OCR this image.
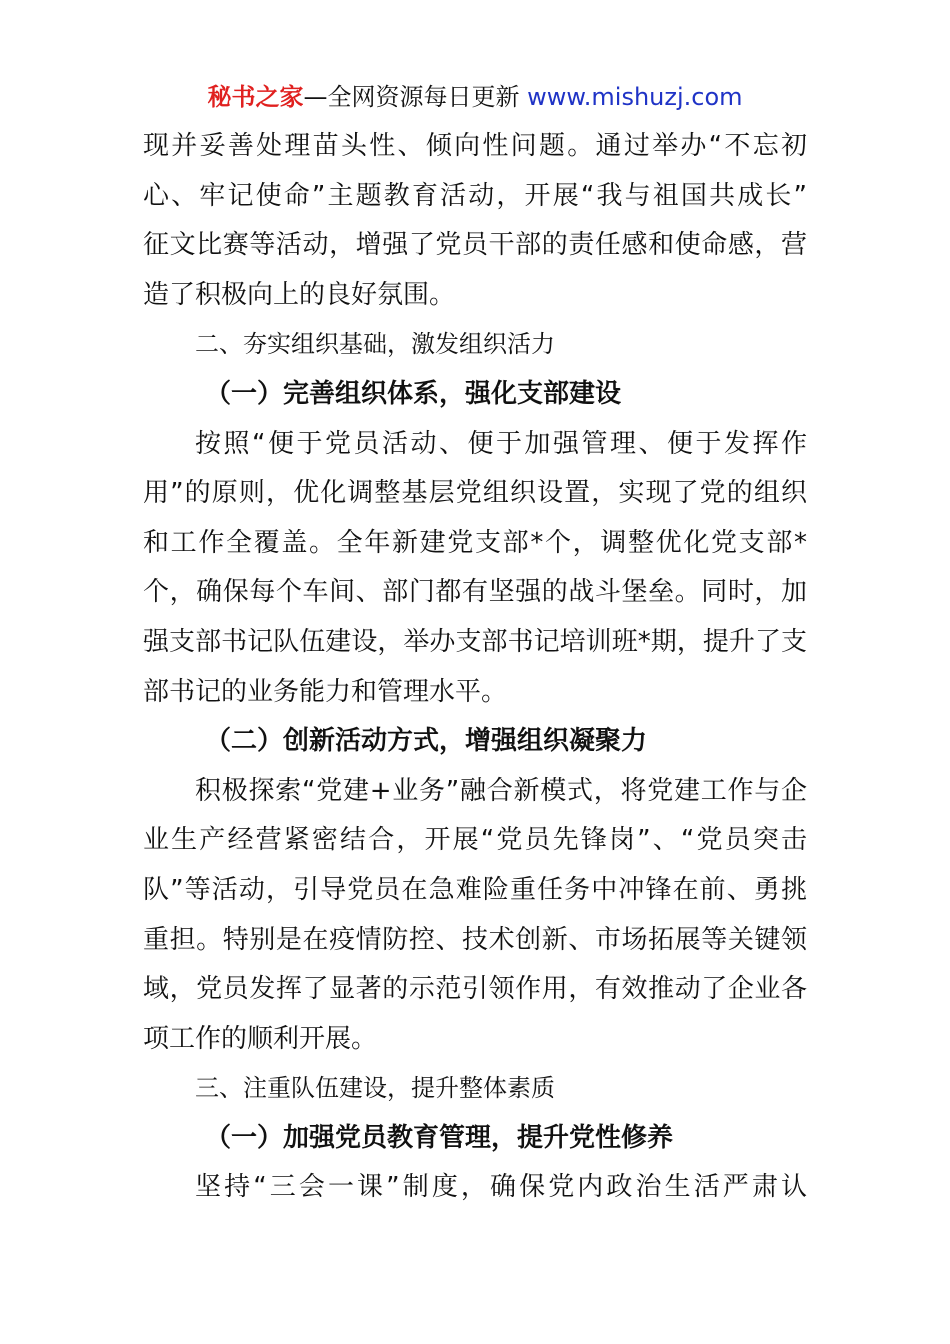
秘书之家—全网资源每日更新 www.mishuzj.com
现并妥善处理苗头性、倾向性问题。通过举办“不忘初
心、牢记使命”主题教育活动，开展“我与祖国共成长”
征文比赛等活动，增强了党员干部的责任感和使命感，营
造了积极向上的良好氛围。
二、夯实组织基础，激发组织活力
（一）完善组织体系，强化支部建设
按照“便于党员活动、便于加强管理、便于发挥作
用”的原则，优化调整基层党组织设置，实现了党的组织
和工作全覆盖。全年新建党支部*个，调整优化党支部*
个，确保每个车间、部门都有坚强的战斗堡垒。同时，加
强支部书记队伍建设，举办支部书记培训班*期，提升了支
部书记的业务能力和管理水平。
（二）创新活动方式，增强组织凝聚力
积极探索“党建+业务”融合新模式，将党建工作与企
业生产经营紧密结合，开展“党员先锋岗”、“党员突击
队”等活动，引导党员在急难险重任务中冲锋在前、勇挑
重担。特别是在疫情防控、技术创新、市场拓展等关键领
域，党员发挥了显著的示范引领作用，有效推动了企业各
项工作的顺利开展。
三、注重队伍建设，提升整体素质
（一）加强党员教育管理，提升党性修养
坚持“三会一课”制度，确保党内政治生活严肃认
